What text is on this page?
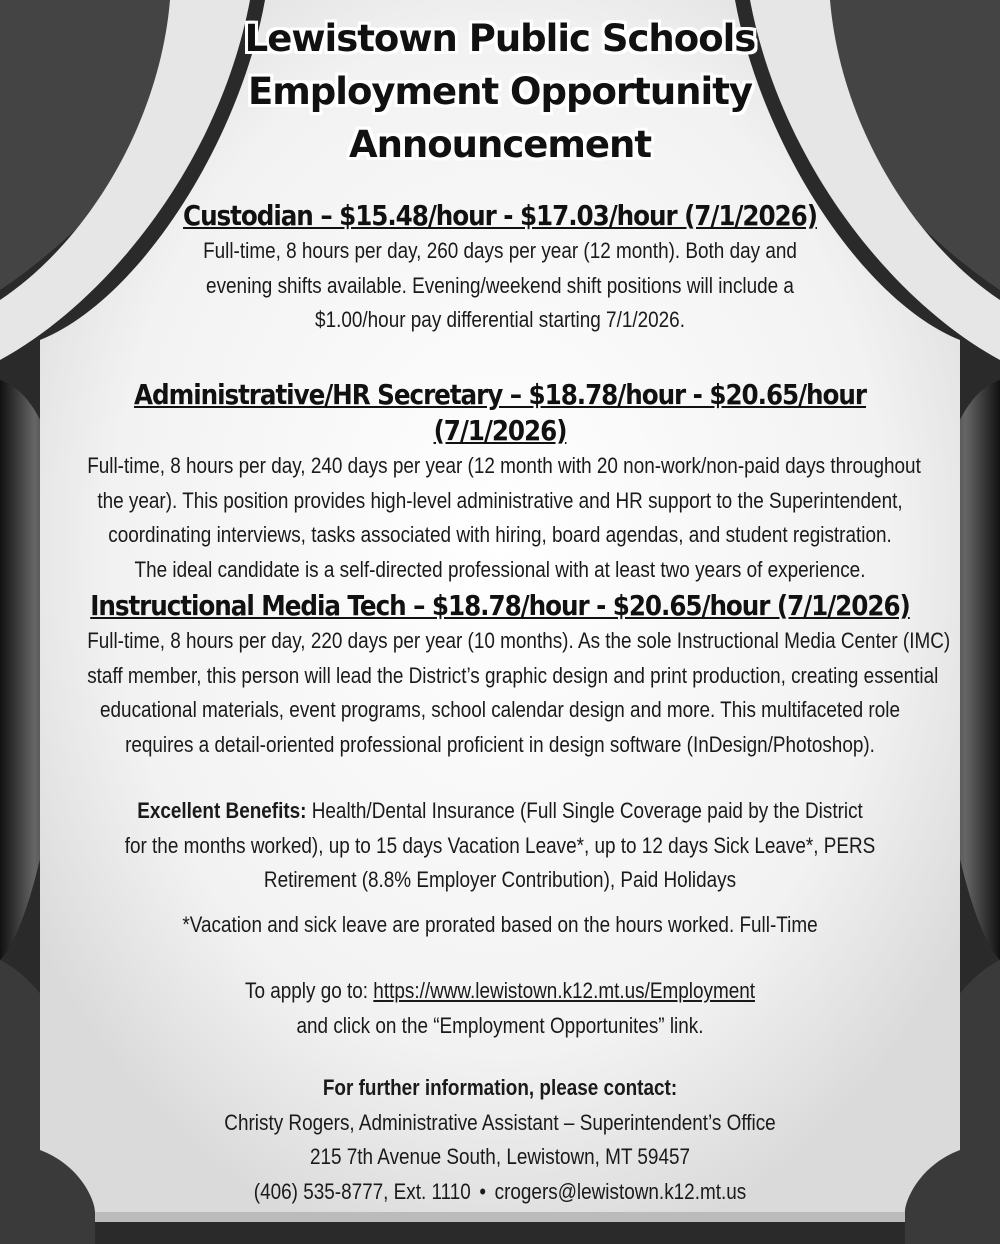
Lewistown Public Schools
Employment Opportunity
Announcement
Custodian – $15.48/hour - $17.03/hour (7/1/2026)
Full-time, 8 hours per day, 260 days per year (12 month). Both day and
evening shifts available. Evening/weekend shift positions will include a
$1.00/hour pay differential starting 7/1/2026.
Administrative/HR Secretary – $18.78/hour - $20.65/hour (7/1/2026)
Full-time, 8 hours per day, 240 days per year (12 month with 20 non-work/non-paid days throughout
the year). This position provides high-level administrative and HR support to the Superintendent,
coordinating interviews, tasks associated with hiring, board agendas, and student registration.
The ideal candidate is a self-directed professional with at least two years of experience.
Instructional Media Tech – $18.78/hour - $20.65/hour (7/1/2026)
Full-time, 8 hours per day, 220 days per year (10 months). As the sole Instructional Media Center (IMC)
staff member, this person will lead the District’s graphic design and print production, creating essential
educational materials, event programs, school calendar design and more. This multifaceted role
requires a detail-oriented professional proficient in design software (InDesign/Photoshop).
Excellent Benefits: Health/Dental Insurance (Full Single Coverage paid by the District
for the months worked), up to 15 days Vacation Leave*, up to 12 days Sick Leave*, PERS
Retirement (8.8% Employer Contribution), Paid Holidays
*Vacation and sick leave are prorated based on the hours worked. Full-Time
To apply go to: https://www.lewistown.k12.mt.us/Employment
and click on the “Employment Opportunites” link.
For further information, please contact:
Christy Rogers, Administrative Assistant – Superintendent’s Office
215 7th Avenue South, Lewistown, MT 59457
(406) 535-8777, Ext. 1110 • crogers@lewistown.k12.mt.us
